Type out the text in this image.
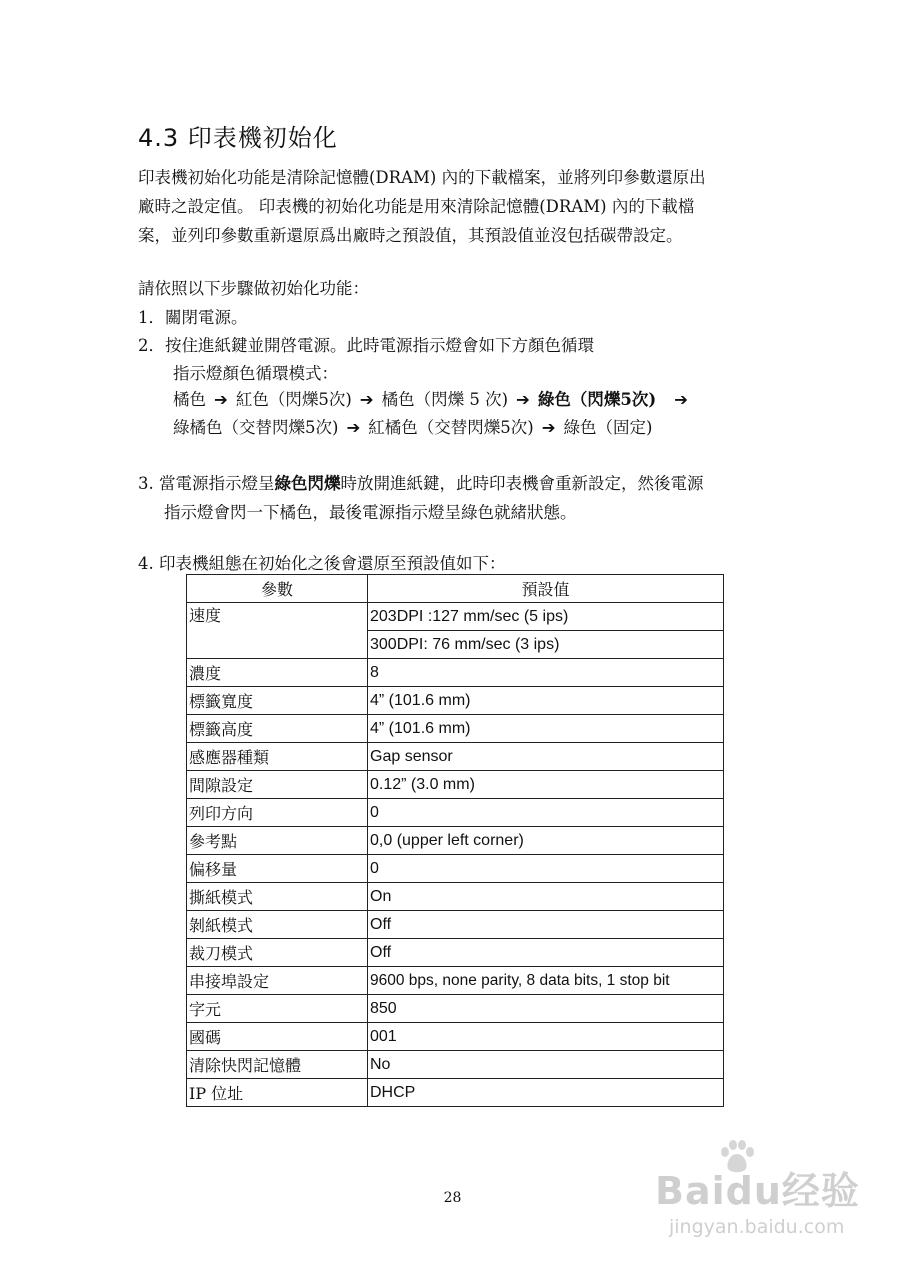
4.3 印表機初始化

印表機初始化功能是清除記憶體(DRAM) 內的下載檔案，並將列印參數還原出

廠時之設定值。 印表機的初始化功能是用來清除記憶體(DRAM) 內的下載檔

案，並列印參數重新還原爲出廠時之預設值，其預設值並沒包括碳帶設定。

請依照以下步驟做初始化功能：
1．關閉電源。
2．按住進紙鍵並開啓電源。此時電源指示燈會如下方顏色循環
指示燈顏色循環模式：
橘色 ➔ 紅色（閃爍5次) ➔ 橘色（閃爍 5 次) ➔ 綠色（閃爍5次) ➔
綠橘色（交替閃爍5次) ➔ 紅橘色（交替閃爍5次) ➔ 綠色（固定)
3. 當電源指示燈呈綠色閃爍時放開進紙鍵，此時印表機會重新設定，然後電源
指示燈會閃一下橘色，最後電源指示燈呈綠色就緒狀態。
4. 印表機組態在初始化之後會還原至預設值如下：
參數	預設值
速度	203DPI :127 mm/sec (5 ips)
	300DPI: 76 mm/sec (3 ips)
濃度	8
標籤寬度	4” (101.6 mm)
標籤高度	4” (101.6 mm)
感應器種類	Gap sensor
間隙設定	0.12” (3.0 mm)
列印方向	0
參考點	0,0 (upper left corner)
偏移量	0
撕紙模式	On
剝紙模式	Off
裁刀模式	Off
串接埠設定	9600 bps, none parity, 8 data bits, 1 stop bit
字元	850
國碼	001
清除快閃記憶體	No
IP 位址	DHCP
28	Baidu经验
jingyan.baidu.com
